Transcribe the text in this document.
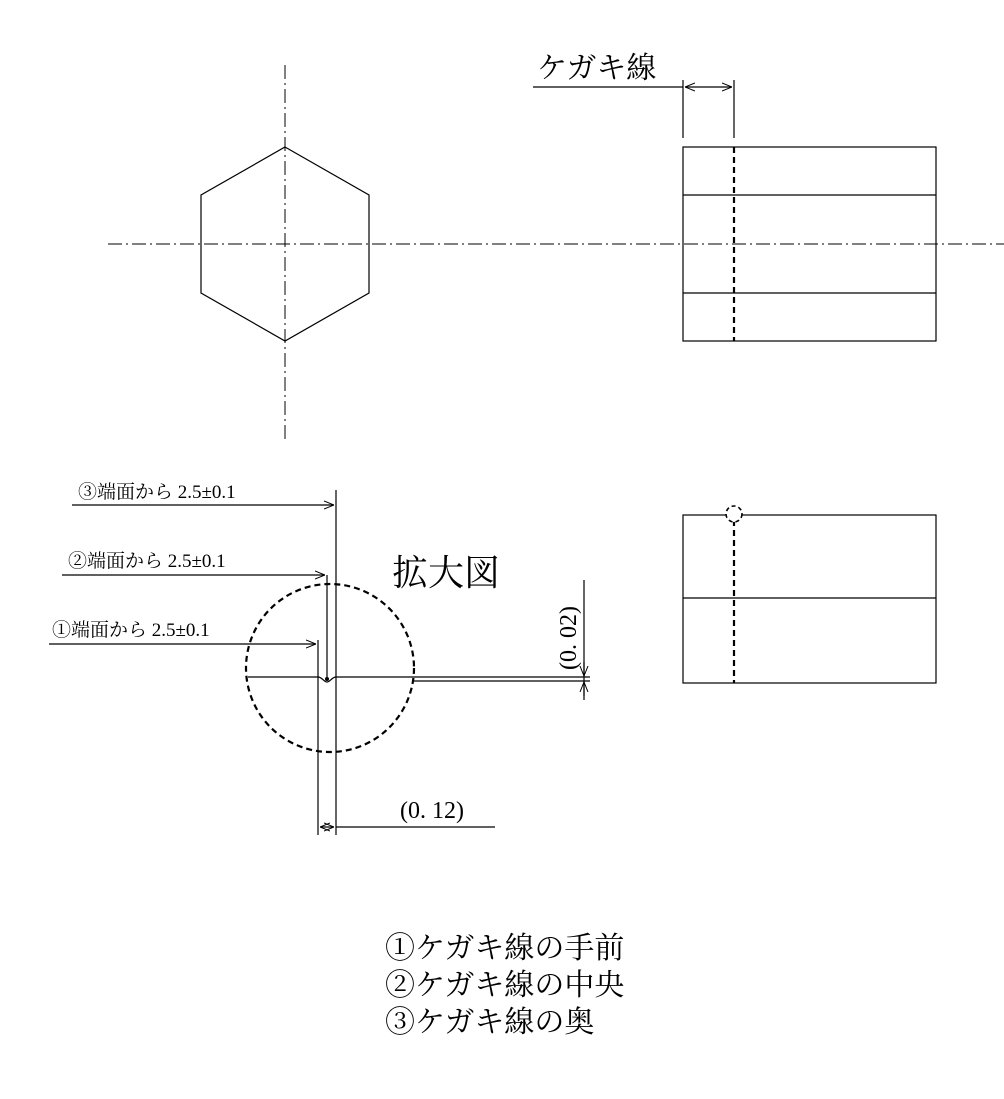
ケガキ線
(0. 02)
(0. 12)
③端面から 2.5±0.1
②端面から 2.5±0.1
①端面から 2.5±0.1
拡大図
①ケガキ線の手前
②ケガキ線の中央
③ケガキ線の奥
